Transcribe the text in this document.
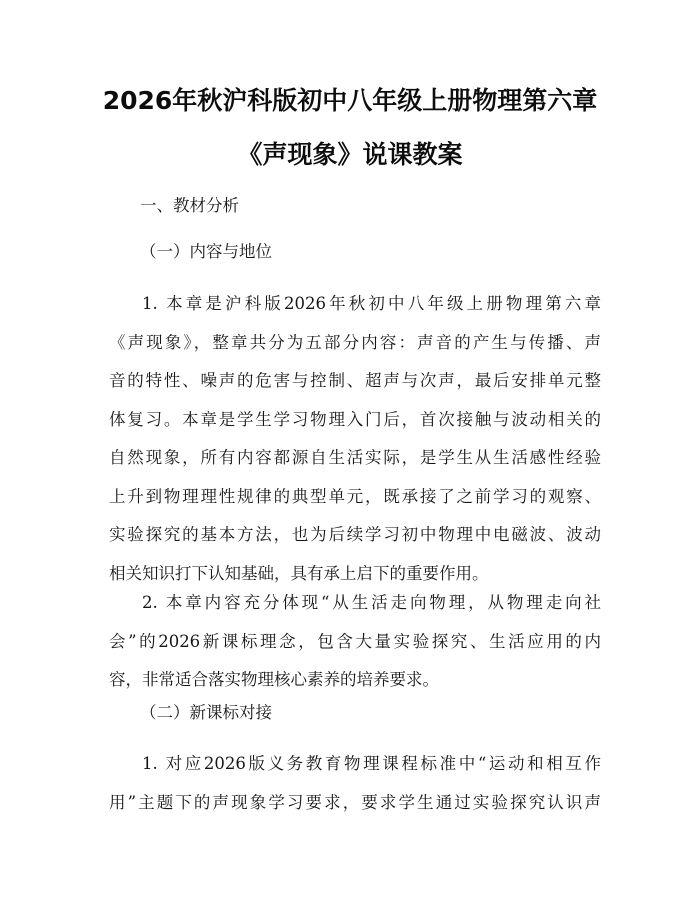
2026年秋沪科版初中八年级上册物理第六章
《声现象》说课教案
一、教材分析
（一）内容与地位
1. 本章是沪科版2026年秋初中八年级上册物理第六章
《声现象》，整章共分为五部分内容：声音的产生与传播、声
音的特性、噪声的危害与控制、超声与次声，最后安排单元整
体复习。本章是学生学习物理入门后，首次接触与波动相关的
自然现象，所有内容都源自生活实际，是学生从生活感性经验
上升到物理理性规律的典型单元，既承接了之前学习的观察、
实验探究的基本方法，也为后续学习初中物理中电磁波、波动
相关知识打下认知基础，具有承上启下的重要作用。
2. 本章内容充分体现“从生活走向物理，从物理走向社
会”的2026新课标理念，包含大量实验探究、生活应用的内
容，非常适合落实物理核心素养的培养要求。
（二）新课标对接
1. 对应2026版义务教育物理课程标准中“运动和相互作
用”主题下的声现象学习要求，要求学生通过实验探究认识声
